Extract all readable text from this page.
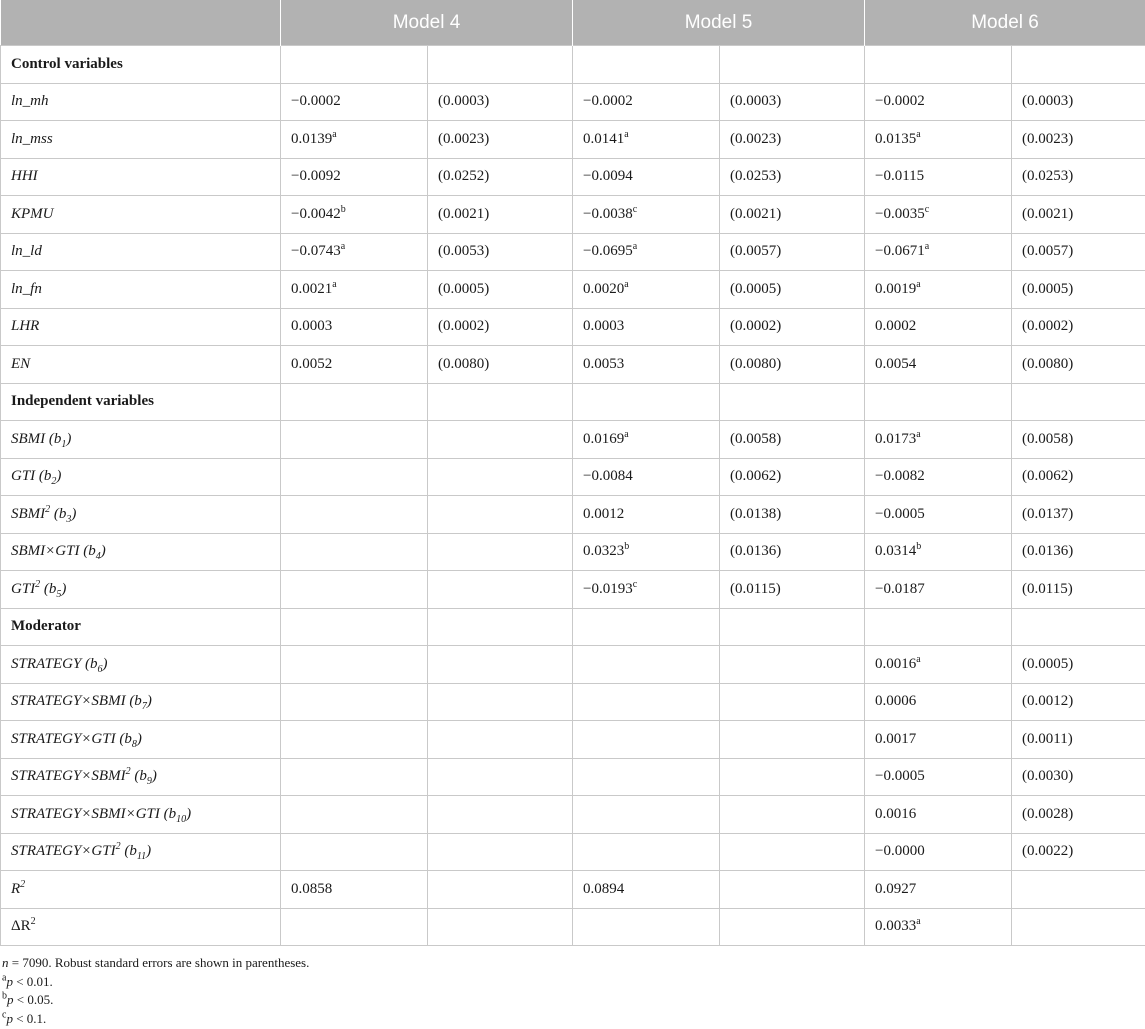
	Model 4		Model 5		Model 6	
Control variables						
ln_mh	−0.0002	(0.0003)	−0.0002	(0.0003)	−0.0002	(0.0003)
ln_mss	0.0139$^a$	(0.0023)	0.0141$^a$	(0.0023)	0.0135$^a$	(0.0023)
HHI	−0.0092	(0.0252)	−0.0094	(0.0253)	−0.0115	(0.0253)
KPMU	−0.0042$^b$	(0.0021)	−0.0038$^c$	(0.0021)	−0.0035$^c$	(0.0021)
ln_ld	−0.0743$^a$	(0.0053)	−0.0695$^a$	(0.0057)	−0.0671$^a$	(0.0057)
ln_fn	0.0021$^a$	(0.0005)	0.0020$^a$	(0.0005)	0.0019$^a$	(0.0005)
LHR	0.0003	(0.0002)	0.0003	(0.0002)	0.0002	(0.0002)
EN	0.0052	(0.0080)	0.0053	(0.0080)	0.0054	(0.0080)
Independent variables						
SBMI $(b_1)$			0.0169$^a$	(0.0058)	0.0173$^a$	(0.0058)
GTI $(b_2)$			−0.0084	(0.0062)	−0.0082	(0.0062)
SBMI$^2$ $(b_3)$			0.0012	(0.0138)	−0.0005	(0.0137)
SBMI×GTI $(b_4)$			0.0323$^b$	(0.0136)	0.0314$^b$	(0.0136)
GTI$^2$ $(b_5)$			−0.0193$^c$	(0.0115)	−0.0187	(0.0115)
Moderator						
STRATEGY $(b_6)$					0.0016$^a$	(0.0005)
STRATEGY×SBMI $(b_7)$					0.0006	(0.0012)
STRATEGY×GTI $(b_8)$					0.0017	(0.0011)
$STRATEGY\times SBMI^2$ $(b_9)$					−0.0005	(0.0030)
STRATEGY×SBMI×GTI $(b_{10})$					0.0016	(0.0028)
$STRATEGY\times GTI^2$ $(b_{11})$					−0.0000	(0.0022)
$R^2$	0.0858		0.0894		0.0927	
$\Delta R^2$					0.0033$^a$	
n = 7090. Robust standard errors are shown in parentheses.
$^a$p < 0.01.
$^b$p < 0.05.
$^c$p < 0.1.
